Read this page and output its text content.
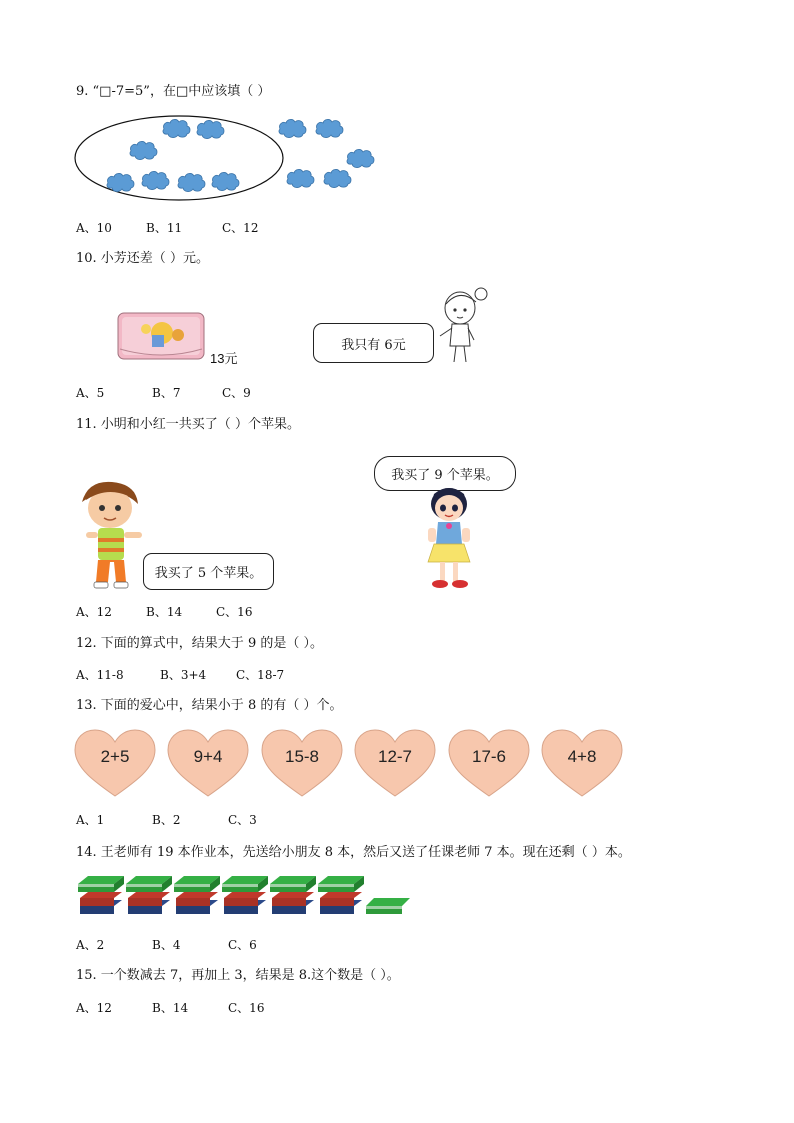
9. “□-7=5”，在□中应该填（ ）
A、10	B、11	C、12
10. 小芳还差（ ）元。
13元
我只有 6元
A、5	B、7	C、9
11. 小明和小红一共买了（ ）个苹果。
我买了 9 个苹果。
我买了 5 个苹果。
A、12	B、14	C、16
12. 下面的算式中，结果大于 9 的是（ ）。
A、11-8	B、3+4 C、18-7
13. 下面的爱心中，结果小于 8 的有（ ）个。
2+5	9+4	15-8	12-7	17-6	4+8
A、1	B、2	C、3
14. 王老师有 19 本作业本，先送给小朋友 8 本，然后又送了任课老师 7 本。现在还剩（ ）本。
A、2	B、4	C、6
15. 一个数减去 7，再加上 3，结果是 8.这个数是（ ）。
A、12	B、14	C、16
